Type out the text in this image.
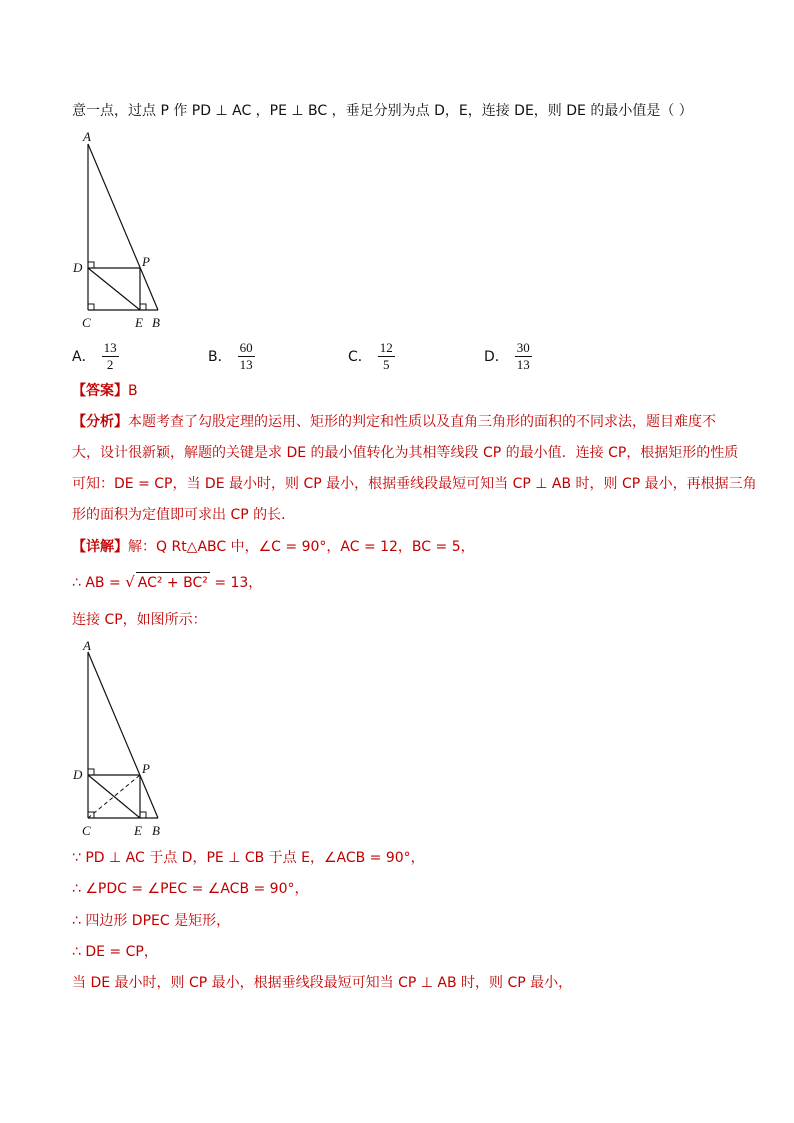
意一点，过点 P 作 PD ⊥ AC ，PE ⊥ BC ，垂足分别为点 D，E，连接 DE，则 DE 的最小值是（ ）
A
D	P
C	E B
A． $\frac{13}{2}$	B． $\frac{60}{13}$	C． $\frac{12}{5}$	D． $\frac{30}{13}$
【答案】B
【分析】本题考查了勾股定理的运用、矩形的判定和性质以及直角三角形的面积的不同求法，题目难度不
大，设计很新颖，解题的关键是求 DE 的最小值转化为其相等线段 CP 的最小值．连接 CP，根据矩形的性质
可知：DE = CP，当 DE 最小时，则 CP 最小，根据垂线段最短可知当 CP ⊥ AB 时，则 CP 最小，再根据三角
形的面积为定值即可求出 CP 的长．
【详解】解：Q Rt△ABC 中，∠C = 90°，AC = 12，BC = 5，
∴ AB = √ AC² + BC² = 13，
连接 CP，如图所示：
A
D	P
C	E B
∵ PD ⊥ AC 于点 D，PE ⊥ CB 于点 E，∠ACB = 90°，
∴ ∠PDC = ∠PEC = ∠ACB = 90°，
∴ 四边形 DPEC 是矩形，
∴ DE = CP，
当 DE 最小时，则 CP 最小，根据垂线段最短可知当 CP ⊥ AB 时，则 CP 最小，
